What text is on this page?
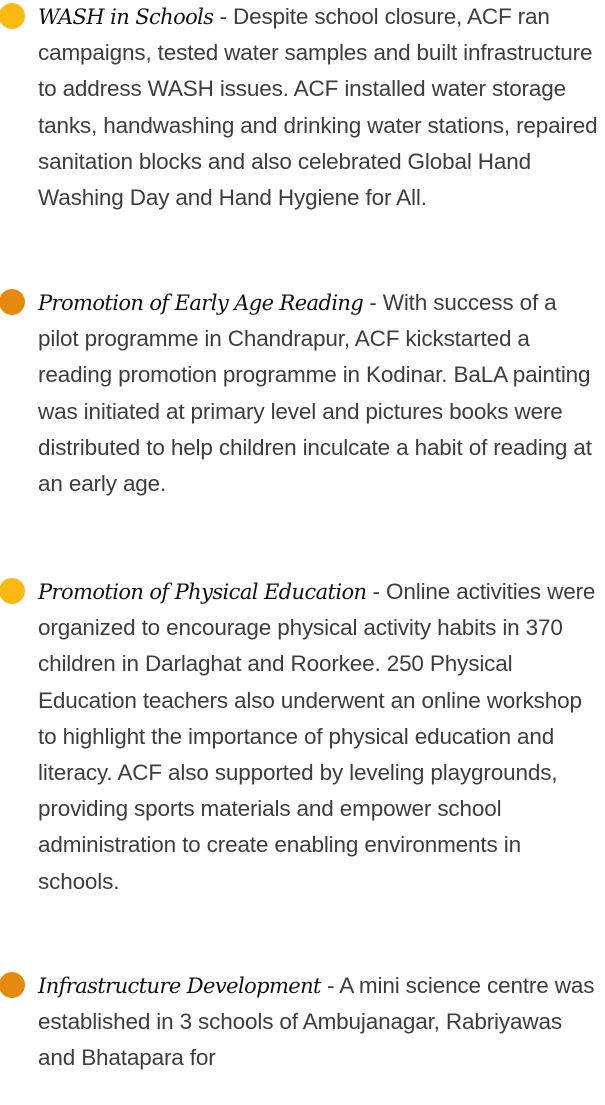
WASH in Schools - Despite school closure, ACF ran campaigns, tested water samples and built infrastructure to address WASH issues. ACF installed water storage tanks, handwashing and drinking water stations, repaired sanitation blocks and also celebrated Global Hand Washing Day and Hand Hygiene for All.
Promotion of Early Age Reading - With success of a pilot programme in Chandrapur, ACF kickstarted a reading promotion programme in Kodinar. BaLA painting was initiated at primary level and pictures books were distributed to help children inculcate a habit of reading at an early age.
Promotion of Physical Education - Online activities were organized to encourage physical activity habits in 370 children in Darlaghat and Roorkee. 250 Physical Education teachers also underwent an online workshop to highlight the importance of physical education and literacy. ACF also supported by leveling playgrounds, providing sports materials and empower school administration to create enabling environments in schools.
Infrastructure Development - A mini science centre was established in 3 schools of Ambujanagar, Rabriyawas and Bhatapara for
